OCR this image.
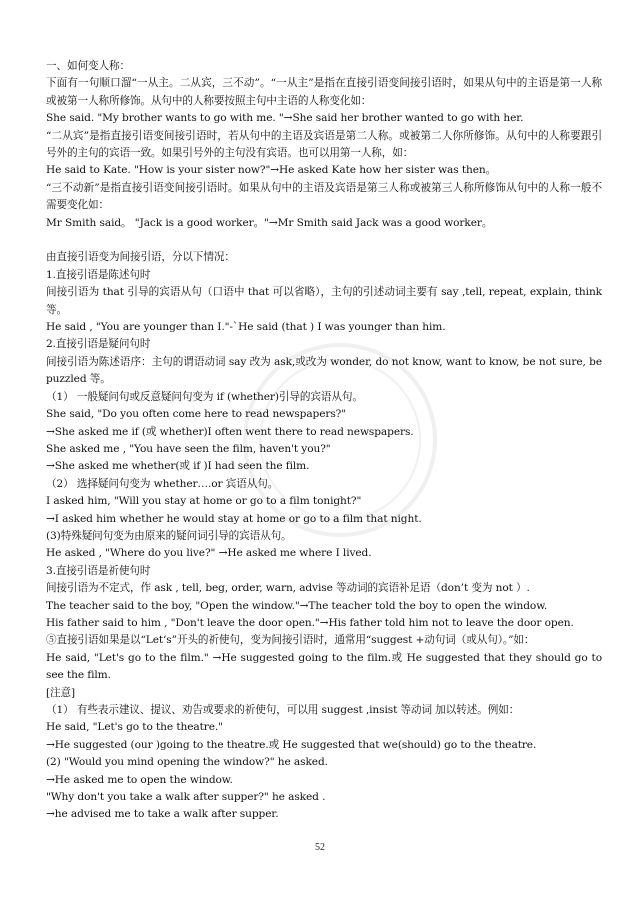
一、如何变人称：

下面有一句顺口溜“一从主。二从宾，三不动”。“一从主”是指在直接引语变间接引语时，如果从句中的主语是第一人称或被第一人称所修饰。从句中的人称要按照主句中主语的人称变化如：

She said. "My brother wants to go with me. "→She said her brother wanted to go with her.

“二从宾”是指直接引语变间接引语时，若从句中的主语及宾语是第二人称。或被第二人你所修饰。从句中的人称要跟引号外的主句的宾语一致。如果引号外的主句没有宾语。也可以用第一人称，如：

He said to Kate. "How is your sister now?"→He asked Kate how her sister was then。

“三不动新”是指直接引语变间接引语时。如果从句中的主语及宾语是第三人称或被第三人称所修饰从句中的人称一般不需要变化如：

Mr Smith said。 "Jack is a good worker。"→Mr Smith said Jack was a good worker。

由直接引语变为间接引语，分以下情况：

1.直接引语是陈述句时

间接引语为 that 引导的宾语从句（口语中 that 可以省略），主句的引述动词主要有 say ,tell, repeat, explain, think 等。

He said , "You are younger than I."-`He said (that ) I was younger than him.

2.直接引语是疑问句时

间接引语为陈述语序：主句的谓语动词 say 改为 ask,或改为 wonder, do not know, want to know, be not sure, be puzzled 等。

（1） 一般疑问句或反意疑问句变为 if (whether)引导的宾语从句。

She said, "Do you often come here to read newspapers?"

→She asked me if (或 whether)I often went there to read newspapers.

She asked me , "You have seen the film, haven't you?"

→She asked me whether(或 if )I had seen the film.

（2） 选择疑问句变为 whether….or 宾语从句。

I asked him, "Will you stay at home or go to a film tonight?"

→I asked him whether he would stay at home or go to a film that night.

(3)特殊疑问句变为由原来的疑问词引导的宾语从句。

He asked , "Where do you live?" →He asked me where I lived.

3.直接引语是祈使句时

间接引语为不定式，作 ask , tell, beg, order, warn, advise 等动词的宾语补足语（don’t 变为 not ）.

The teacher said to the boy, "Open the window."→The teacher told the boy to open the window.

His father said to him , "Don't leave the door open."→His father told him not to leave the door open.

⑤直接引语如果是以“Let‘s”开头的祈使句，变为间接引语时，通常用“suggest +动句词（或从句）。”如：

He said, "Let's go to the film." →He suggested going to the film.或 He suggested that they should go to see the film.

[注意]

（1） 有些表示建议、提议、劝告或要求的祈使句，可以用 suggest ,insist 等动词 加以转述。例如：

He said, "Let's go to the theatre."

→He suggested (our )going to the theatre.或 He suggested that we(should) go to the theatre.

(2) "Would you mind opening the window?" he asked.

→He asked me to open the window.

"Why don't you take a walk after supper?" he asked .

→he advised me to take a walk after supper.

52
